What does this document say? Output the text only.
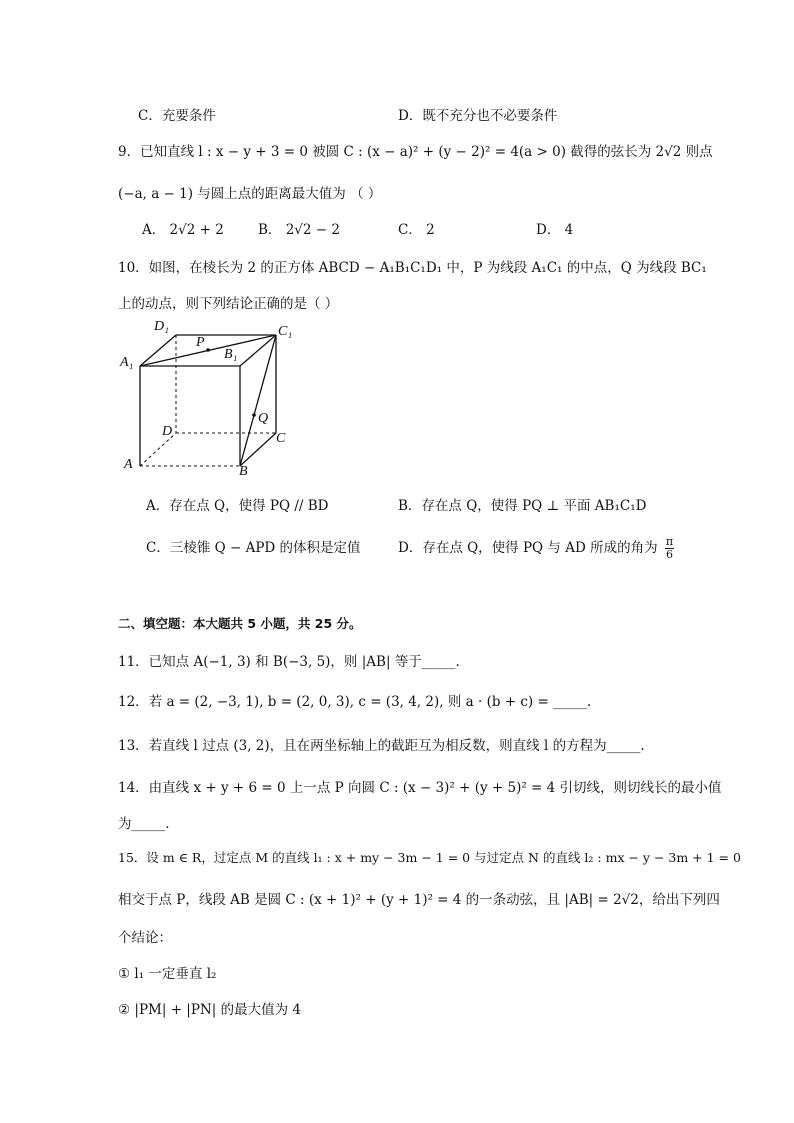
C．充要条件	D．既不充分也不必要条件
9．已知直线 l : x − y + 3 = 0 被圆 C : (x − a)² + (y − 2)² = 4(a > 0) 截得的弦长为 2√2 则点
(−a, a − 1) 与圆上点的距离最大值为 （ ）
A． 2√2 + 2	B． 2√2 − 2	C． 2	D． 4
10．如图，在棱长为 2 的正方体 ABCD − A₁B₁C₁D₁ 中，P 为线段 A₁C₁ 的中点，Q 为线段 BC₁
上的动点，则下列结论正确的是（ ）
D₁	C₁
A₁
B₁
P
Q
D	C
A	B
A．存在点 Q，使得 PQ // BD	B．存在点 Q，使得 PQ ⊥ 平面 AB₁C₁D
C．三棱锥 Q − APD 的体积是定值	D．存在点 Q，使得 PQ 与 AD 所成的角为 $\frac{\pi}{6}$
二、填空题：本大题共 5 小题，共 25 分。
11．已知点 A(−1, 3) 和 B(−3, 5)，则 |AB| 等于_____.
12．若 a = (2, −3, 1), b = (2, 0, 3), c = (3, 4, 2), 则 a · (b + c) = _____.
13．若直线 l 过点 (3, 2)，且在两坐标轴上的截距互为相反数，则直线 l 的方程为_____.
14．由直线 x + y + 6 = 0 上一点 P 向圆 C : (x − 3)² + (y + 5)² = 4 引切线，则切线长的最小值
为_____.
15．设 m ∈ R，过定点 M 的直线 l₁ : x + my − 3m − 1 = 0 与过定点 N 的直线 l₂ : mx − y − 3m + 1 = 0
相交于点 P，线段 AB 是圆 C : (x + 1)² + (y + 1)² = 4 的一条动弦，且 |AB| = 2√2，给出下列四
个结论：
① l₁ 一定垂直 l₂
② |PM| + |PN| 的最大值为 4
